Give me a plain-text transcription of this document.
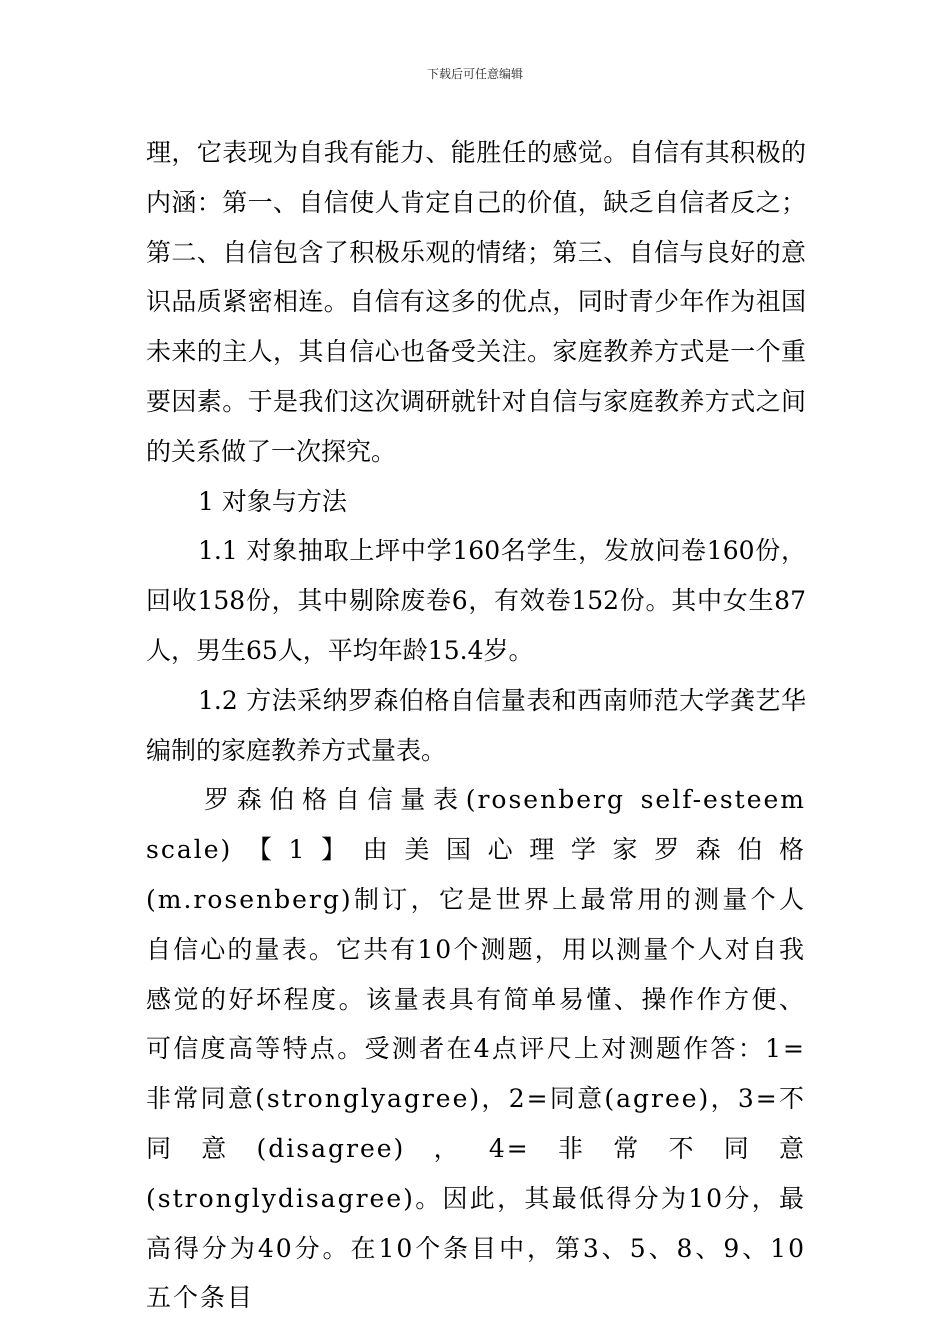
下载后可任意编辑

理，它表现为自我有能力、能胜任的感觉。自信有其积极的内涵：第一、自信使人肯定自己的价值，缺乏自信者反之；第二、自信包含了积极乐观的情绪；第三、自信与良好的意识品质紧密相连。自信有这多的优点，同时青少年作为祖国未来的主人，其自信心也备受关注。家庭教养方式是一个重要因素。于是我们这次调研就针对自信与家庭教养方式之间的关系做了一次探究。

1 对象与方法

1.1 对象抽取上坪中学160名学生，发放问卷160份，回收158份，其中剔除废卷6，有效卷152份。其中女生87人，男生65人，平均年龄15.4岁。

1.2 方法采纳罗森伯格自信量表和西南师范大学龚艺华编制的家庭教养方式量表。

罗森伯格自信量表(rosenberg self-esteem scale)【1】由美国心理学家罗森伯格(m.rosenberg)制订，它是世界上最常用的测量个人自信心的量表。它共有10个测题，用以测量个人对自我感觉的好坏程度。该量表具有简单易懂、操作作方便、可信度高等特点。受测者在4点评尺上对测题作答：1=非常同意(stronglyagree)，2=同意(agree)，3=不同意(disagree)，4=非常不同意(stronglydisagree)。因此，其最低得分为10分，最高得分为40分。在10个条目中，第3、5、8、9、10五个条目
